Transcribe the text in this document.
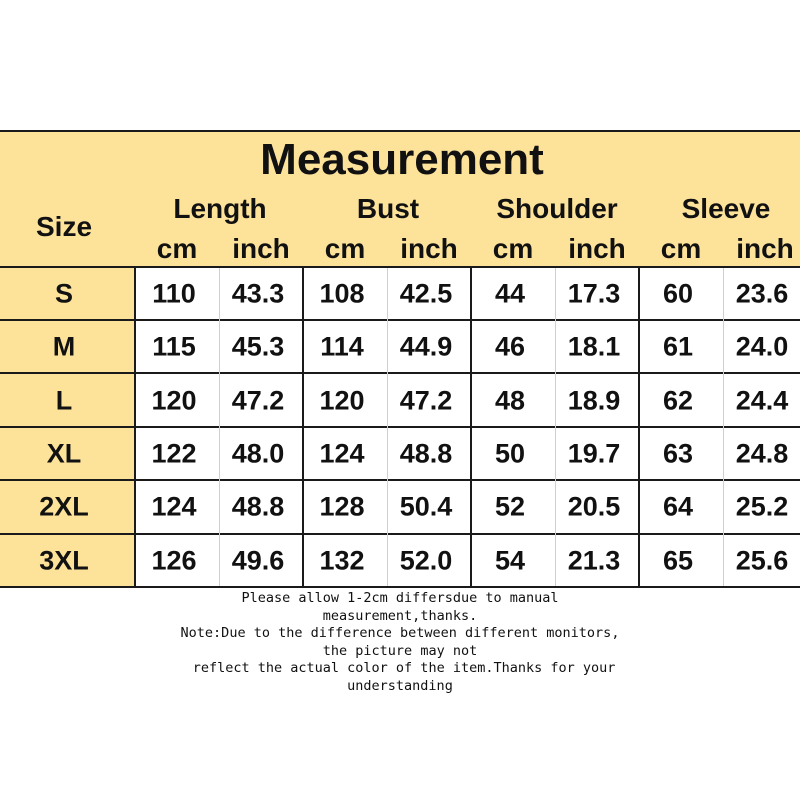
Measurement
Size
Length	Bust	Shoulder Sleeve
cm inch cm inch cm inch cm inch
S	110 43.3 108 42.5 44 17.3 60 23.6
M	115 45.3 114 44.9 46 18.1 61 24.0
L	120 47.2 120 47.2 48 18.9 62 24.4
XL	122 48.0 124 48.8 50 19.7 63 24.8
2XL 124 48.8 128 50.4 52 20.5 64 25.2
3XL 126 49.6 132 52.0 54 21.3 65 25.6
Please allow 1-2cm differsdue to manual
measurement,thanks.
Note:Due to the difference between different monitors,
the picture may not
reflect the actual color of the item.Thanks for your
understanding
